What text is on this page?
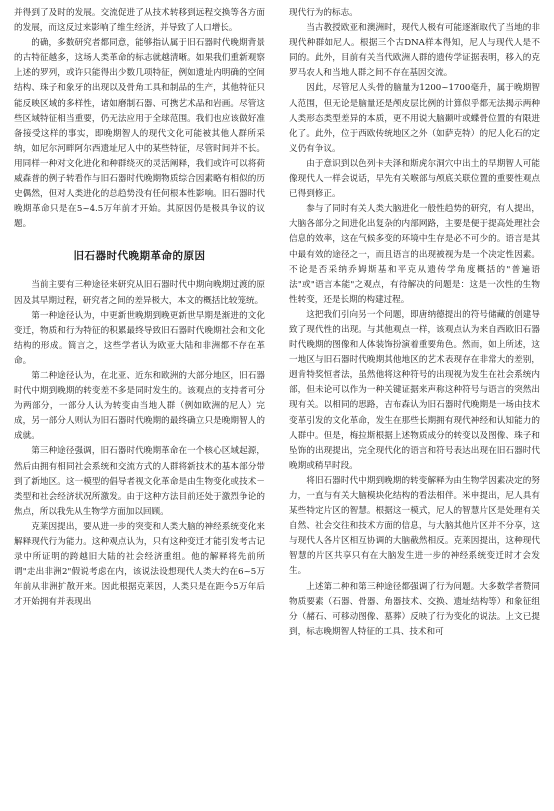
并得到了及时的发展。交流促进了从技术转移到远程交换等各方面的发展，而这反过来影响了维生经济，并导致了人口增长。

的确，多数研究者都同意，能够指认属于旧石器时代晚期背景的古特征越多，这场人类革命的标志就越清晰。如果我们重新观察上述的罗列，或许只能得出少数几项特征，例如遗址内明确的空间结构、珠子和象牙的出现以及骨角工具和制品的生产，其他特征只能反映区域的多样性，诸如磨制石器、可携艺术品和岩画。尽管这些区域特征相当重要，仍无法应用于全球范围。我们也应该做好准备接受这样的事实，即晚期智人的现代文化可能被其他人群所采纳，如尼尔河畔阿尔西遗址尼人中的某些特征，尽管时间并不长。用同样一种对文化进化和种群绕灭的灵活阐释，我们或许可以将荷威森普的例子转看作与旧石器时代晚期物质综合因素略有相似的历史偶然，但对人类进化的总趋势没有任何根本性影响。旧石器时代晚期革命只是在5~4.5万年前才开始。其原因仍是极具争议的议题。

旧石器时代晚期革命的原因

当前主要有三种途径来研究从旧石器时代中期向晚期过渡的原因及其早期过程，研究者之间的差异极大，本文的概括比较笼统。

第一种途径认为，中更新世晚期到晚更新世早期是渐进的文化变迁，物质和行为特征的积累最终导致旧石器时代晚期社会和文化结构的形成。简言之，这些学者认为欧亚大陆和非洲都不存在革命。

第二种途径认为，在北亚、近东和欧洲的大部分地区，旧石器时代中期到晚期的转变差不多是同时发生的。该观点的支持者可分为两部分，一部分人认为转变由当地人群（例如欧洲的尼人）完成，另一部分人则认为旧石器时代晚期的最终确立只是晚期智人的成就。

第三种途径强调，旧石器时代晚期革命在一个核心区域起源，然后由拥有相同社会系统和交流方式的人群将新技术的基本部分带到了新地区。这一模型的倡导者视文化革命是由生物变化或技术－类型和社会经济状况所激发。由于这种方法目前还处于激烈争论的焦点，所以我先从生物学方面加以回顾。

克莱因提出，要从进一步的突变和人类大脑的神经系统变化来解释现代行为能力。这种观点认为，只有这种变迁才能引发考古记录中所证明的跨越旧大陆的社会经济重组。他的解释将先前所谓"走出非洲2"假说考虑在内，该说法设想现代人类大约在6~5万年前从非洲扩散开来。因此根据克莱因，人类只是在距今5万年后才开始拥有并表现出

现代行为的标志。

当古教授欧亚和澳洲时，现代人极有可能逐渐取代了当地的非现代种群如尼人。根据三个古DNA样本得知，尼人与现代人是不同的。此外，目前有关当代欧洲人群的遗传学证据表明，移入的克罗马农人和当地人群之间不存在基因交流。

因此，尽管尼人头骨的脑量为1200~1700毫升，属于晚期智人范围，但无论是脑量还是颅皮层比例的计算似乎都无法揭示两种人类形态类型差异的本质，更不用说大脑颞叶或蝶骨位置的有限进化了。此外，位于西欧传统地区之外（如萨克特）的尼人化石的定义仍有争议。

由于意识到以色列卡夫泽和斯虎尔洞穴中出土的早期智人可能像现代人一样会说话，早先有关喉部与颅底关联位置的重要性观点已得到修正。

参与了同时有关人类大脑进化一般性趋势的研究，有人提出，大脑各部分之间进化出复杂的内部网路，主要是便于提高处理社会信息的效率，这在气候多变的环境中生存是必不可少的。语言是其中最有效的途径之一，而且语言的出现被视为是一个决定性因素。不论是否采纳乔姆斯基和平克从遗传学角度概括的"普遍语法"或"语言本能"之观点，有待解决的问题是：这是一次性的生物性转变，还是长期的构建过程。

这把我们引向另一个问题，即唐纳德提出的符号储藏的创建导致了现代性的出现。与其他观点一样，该观点认为来自西欧旧石器时代晚期的图像和人体装饰扮演着重要角色。然而，如上所述，这一地区与旧石器时代晚期其他地区的艺术表现存在非常大的差别，迥肯特奖恒者法，虽然他将这种符号的出现视为发生在社会系统内部，但未论可以作为一种关键证据来声称这种符号与语言的突然出现有关。以相同的思路，吉布森认为旧石器时代晚期是一场由技术变革引发的文化革命，发生在那些长期拥有现代神经和认知能力的人群中。但是，梅拉斯根据上述物质成分的转变以及图像、珠子和坠饰的出现提出，完全现代化的语言和符号表达出现在旧石器时代晚期或稍早时段。

将旧石器时代中期到晚期的转变解释为由生物学因素决定的努力，一直与有关大脑模块化结构的看法相伴。米申提出，尼人具有某些特定片区的智慧。根据这一模式，尼人的智慧片区是处理有关自然、社会交往和技术方面的信息，与大脑其他片区并不分享，这与现代人各片区相互协调的大脑截然相反。克莱因提出，这种现代智慧的片区共享只有在大脑发生进一步的神经系统变迁时才会发生。

上述第二种和第三种途径都强调了行为问题。大多数学者赞同物质要素（石器、骨器、角器技术、交换、遗址结构等）和象征组分（赭石、可移动图像、墓葬）反映了行为变化的说法。上文已提到，标志晚期智人特征的工具、技术和可
